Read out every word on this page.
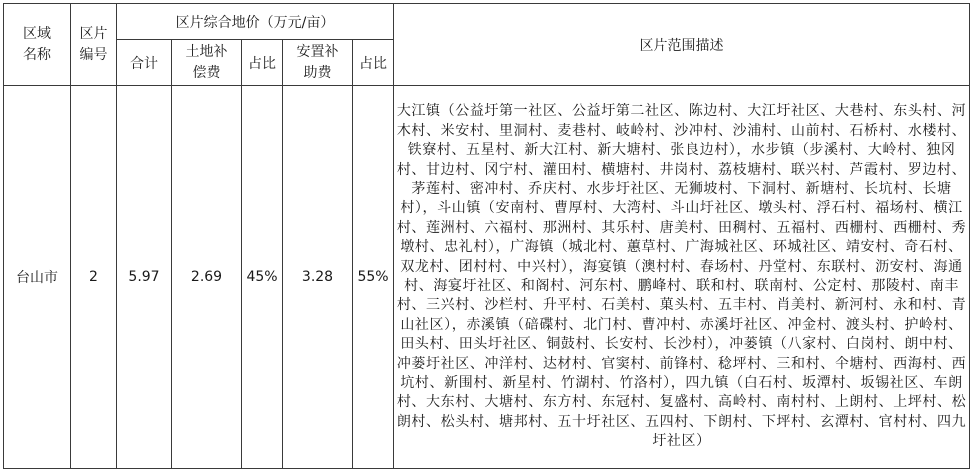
区域名称	区片编号	区片综合地价（万元/亩）					区片范围描述
		合计	土地补偿费	占比	安置补助费	占比	
台山市	2	5.97	2.69	45%	3.28	55%	大江镇（公益圩第一社区、公益圩第二社区、陈边村、大江圩社区、大巷村、东头村、河木村、米安村、里洞村、麦巷村、岐岭村、沙冲村、沙浦村、山前村、石桥村、水楼村、铁寮村、五星村、新大江村、新大塘村、张良边村），水步镇（步溪村、大岭村、独冈村、甘边村、冈宁村、灌田村、横塘村、井岗村、荔枝塘村、联兴村、芦霞村、罗边村、茅莲村、密冲村、乔庆村、水步圩社区、无狮坡村、下洞村、新塘村、长坑村、长塘村），斗山镇（安南村、曹厚村、大湾村、斗山圩社区、墩头村、浮石村、福场村、横江村、莲洲村、六福村、那洲村、其乐村、唐美村、田稠村、五福村、西栅村、西栅村、秀墩村、忠礼村），广海镇（城北村、蕙草村、广海城社区、环城社区、靖安村、奇石村、双龙村、团村村、中兴村），海宴镇（澳村村、春场村、丹堂村、东联村、沥安村、海通村、海宴圩社区、和阁村、河东村、鹏峰村、联和村、联南村、公定村、那陵村、南丰村、三兴村、沙栏村、升平村、石美村、菓头村、五丰村、肖美村、新河村、永和村、青山社区），赤溪镇（碚碟村、北门村、曹冲村、赤溪圩社区、冲金村、渡头村、护岭村、田头村、田头圩社区、铜鼓村、长安村、长沙村），冲蒌镇（八家村、白岗村、朗中村、冲蒌圩社区、冲洋村、达材村、官窦村、前锋村、稔坪村、三和村、仐塘村、西海村、西坑村、新围村、新星村、竹湖村、竹洛村），四九镇（白石村、坂潭村、坂锡社区、车朗村、大东村、大塘村、东方村、东冠村、复盛村、高岭村、南村村、上朗村、上坪村、松朗村、松头村、塘邦村、五十圩社区、五四村、下朗村、下坪村、玄潭村、官村村、四九圩社区）
